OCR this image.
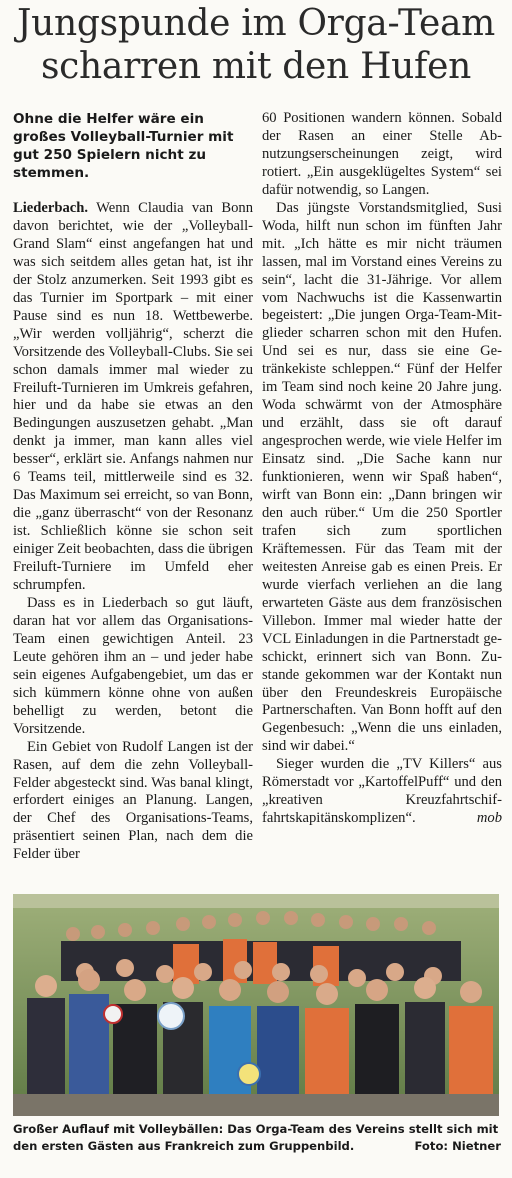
Jungspunde im Orga-Team
scharren mit den Hufen

Ohne die Helfer wäre ein großes Volleyball-Turnier mit gut 250 Spielern nicht zu stemmen.

Liederbach. Wenn Claudia van Bonn davon berichtet, wie der „Volleyball-Grand Slam“ einst angefangen hat und was sich seitdem alles getan hat, ist ihr der Stolz anzumerken. Seit 1993 gibt es das Turnier im Sportpark – mit einer Pause sind es nun 18. Wettbewerbe. „Wir werden volljährig“, scherzt die Vorsitzende des Volleyball-Clubs. Sie sei schon damals immer mal wieder zu Freiluft-Turnieren im Umkreis gefahren, hier und da habe sie etwas an den Bedingungen auszusetzen gehabt. „Man denkt ja immer, man kann alles viel besser“, erklärt sie. Anfangs nahmen nur 6 Teams teil, mittlerweile sind es 32. Das Maximum sei erreicht, so van Bonn, die „ganz überrascht“ von der Resonanz ist. Schließlich könne sie schon seit einiger Zeit beobachten, dass die übrigen Freiluft-Turniere im Umfeld eher schrumpfen.

Dass es in Liederbach so gut läuft, daran hat vor allem das Organisations-Team einen gewichtigen Anteil. 23 Leute gehören ihm an – und jeder habe sein eigenes Aufgabengebiet, um das er sich kümmern könne ohne von außen behelligt zu werden, betont die Vorsitzende.

Ein Gebiet von Rudolf Langen ist der Rasen, auf dem die zehn Volleyball-Felder abgesteckt sind. Was banal klingt, erfordert einiges an Planung. Langen, der Chef des Organisations-Teams, präsentiert seinen Plan, nach dem die Felder über

60 Positionen wandern können. Sobald der Rasen an einer Stelle Abnutzungserscheinungen zeigt, wird rotiert. „Ein ausgeklügeltes System“ sei dafür notwendig, so Langen.

Das jüngste Vorstandsmitglied, Susi Woda, hilft nun schon im fünften Jahr mit. „Ich hätte es mir nicht träumen lassen, mal im Vorstand eines Vereins zu sein“, lacht die 31-Jährige. Vor allem vom Nachwuchs ist die Kassenwartin begeistert: „Die jungen Orga-Team-Mitglieder scharren schon mit den Hufen. Und sei es nur, dass sie eine Getränkekiste schleppen.“ Fünf der Helfer im Team sind noch keine 20 Jahre jung. Woda schwärmt von der Atmosphäre und erzählt, dass sie oft darauf angesprochen werde, wie viele Helfer im Einsatz sind. „Die Sache kann nur funktionieren, wenn wir Spaß haben“, wirft van Bonn ein: „Dann bringen wir den auch rüber.“ Um die 250 Sportler trafen sich zum sportlichen Kräftemessen. Für das Team mit der weitesten Anreise gab es einen Preis. Er wurde vierfach verliehen an die lang erwarteten Gäste aus dem französischen Villebon. Immer mal wieder hatte der VCL Einladungen in die Partnerstadt geschickt, erinnert sich van Bonn. Zustande gekommen war der Kontakt nun über den Freundeskreis Europäische Partnerschaften. Van Bonn hofft auf den Gegenbesuch: „Wenn die uns einladen, sind wir dabei.“

Sieger wurden die „TV Killers“ aus Römerstadt vor „KartoffelPuff“ und den „kreativen Kreuzfahrtschiffahrtskapitänskomplizen“.	mob

Großer Auflauf mit Volleybällen: Das Orga-Team des Vereins stellt sich mit den ersten Gästen aus Frankreich zum Gruppenbild.	Foto: Nietner
